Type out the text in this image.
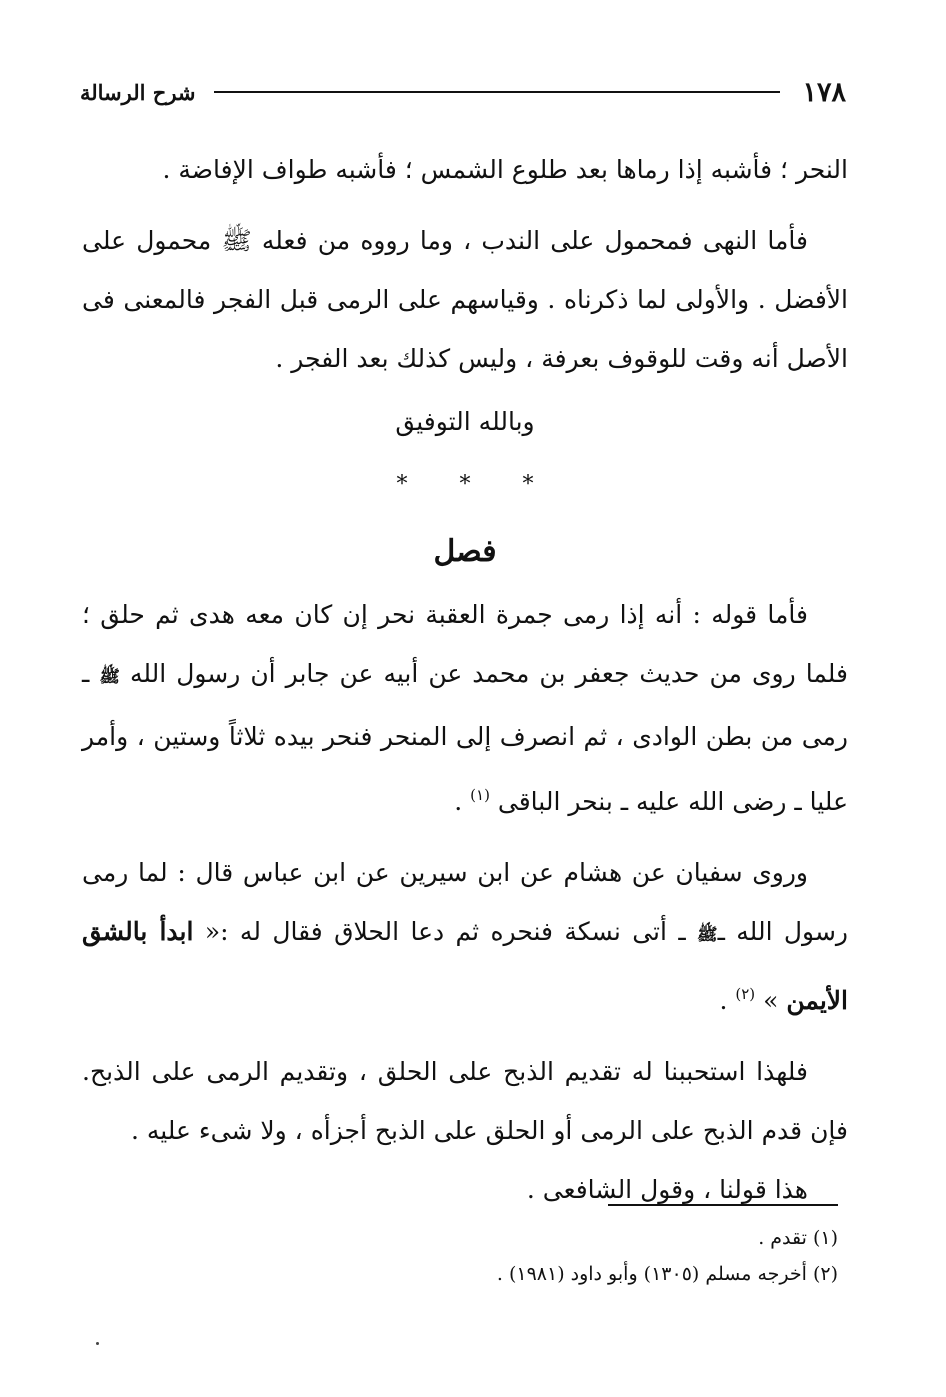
١٧٨
شرح الرسالة

النحر ؛ فأشبه إذا رماها بعد طلوع الشمس ؛ فأشبه طواف الإفاضة .

فأما النهى فمحمول على الندب ، وما رووه من فعله ﷺ محمول على الأفضل . والأولى لما ذكرناه . وقياسهم على الرمى قبل الفجر فالمعنى فى الأصل أنه وقت للوقوف بعرفة ، وليس كذلك بعد الفجر .

وبالله التوفيق

* * *

فصل

فأما قوله : أنه إذا رمى جمرة العقبة نحر إن كان معه هدى ثم حلق ؛ فلما روى من حديث جعفر بن محمد عن أبيه عن جابر أن رسول الله ﷺ ـ رمى من بطن الوادى ، ثم انصرف إلى المنحر فنحر بيده ثلاثاً وستين ، وأمر عليا ـ رضى الله عليه ـ بنحر الباقى $^{(١)}$ .

وروى سفيان عن هشام عن ابن سيرين عن ابن عباس قال : لما رمى رسول الله ـﷺ ـ أتى نسكة فنحره ثم دعا الحلاق فقال له :« ابدأ بالشق الأيمن » $^{(٢)}$ .

فلهذا استحببنا له تقديم الذبح على الحلق ، وتقديم الرمى على الذبح. فإن قدم الذبح على الرمى أو الحلق على الذبح أجزأه ، ولا شىء عليه .

هذا قولنا ، وقول الشافعى .

(١) تقدم .

(٢) أخرجه مسلم (١٣٠٥) وأبو داود (١٩٨١) .
